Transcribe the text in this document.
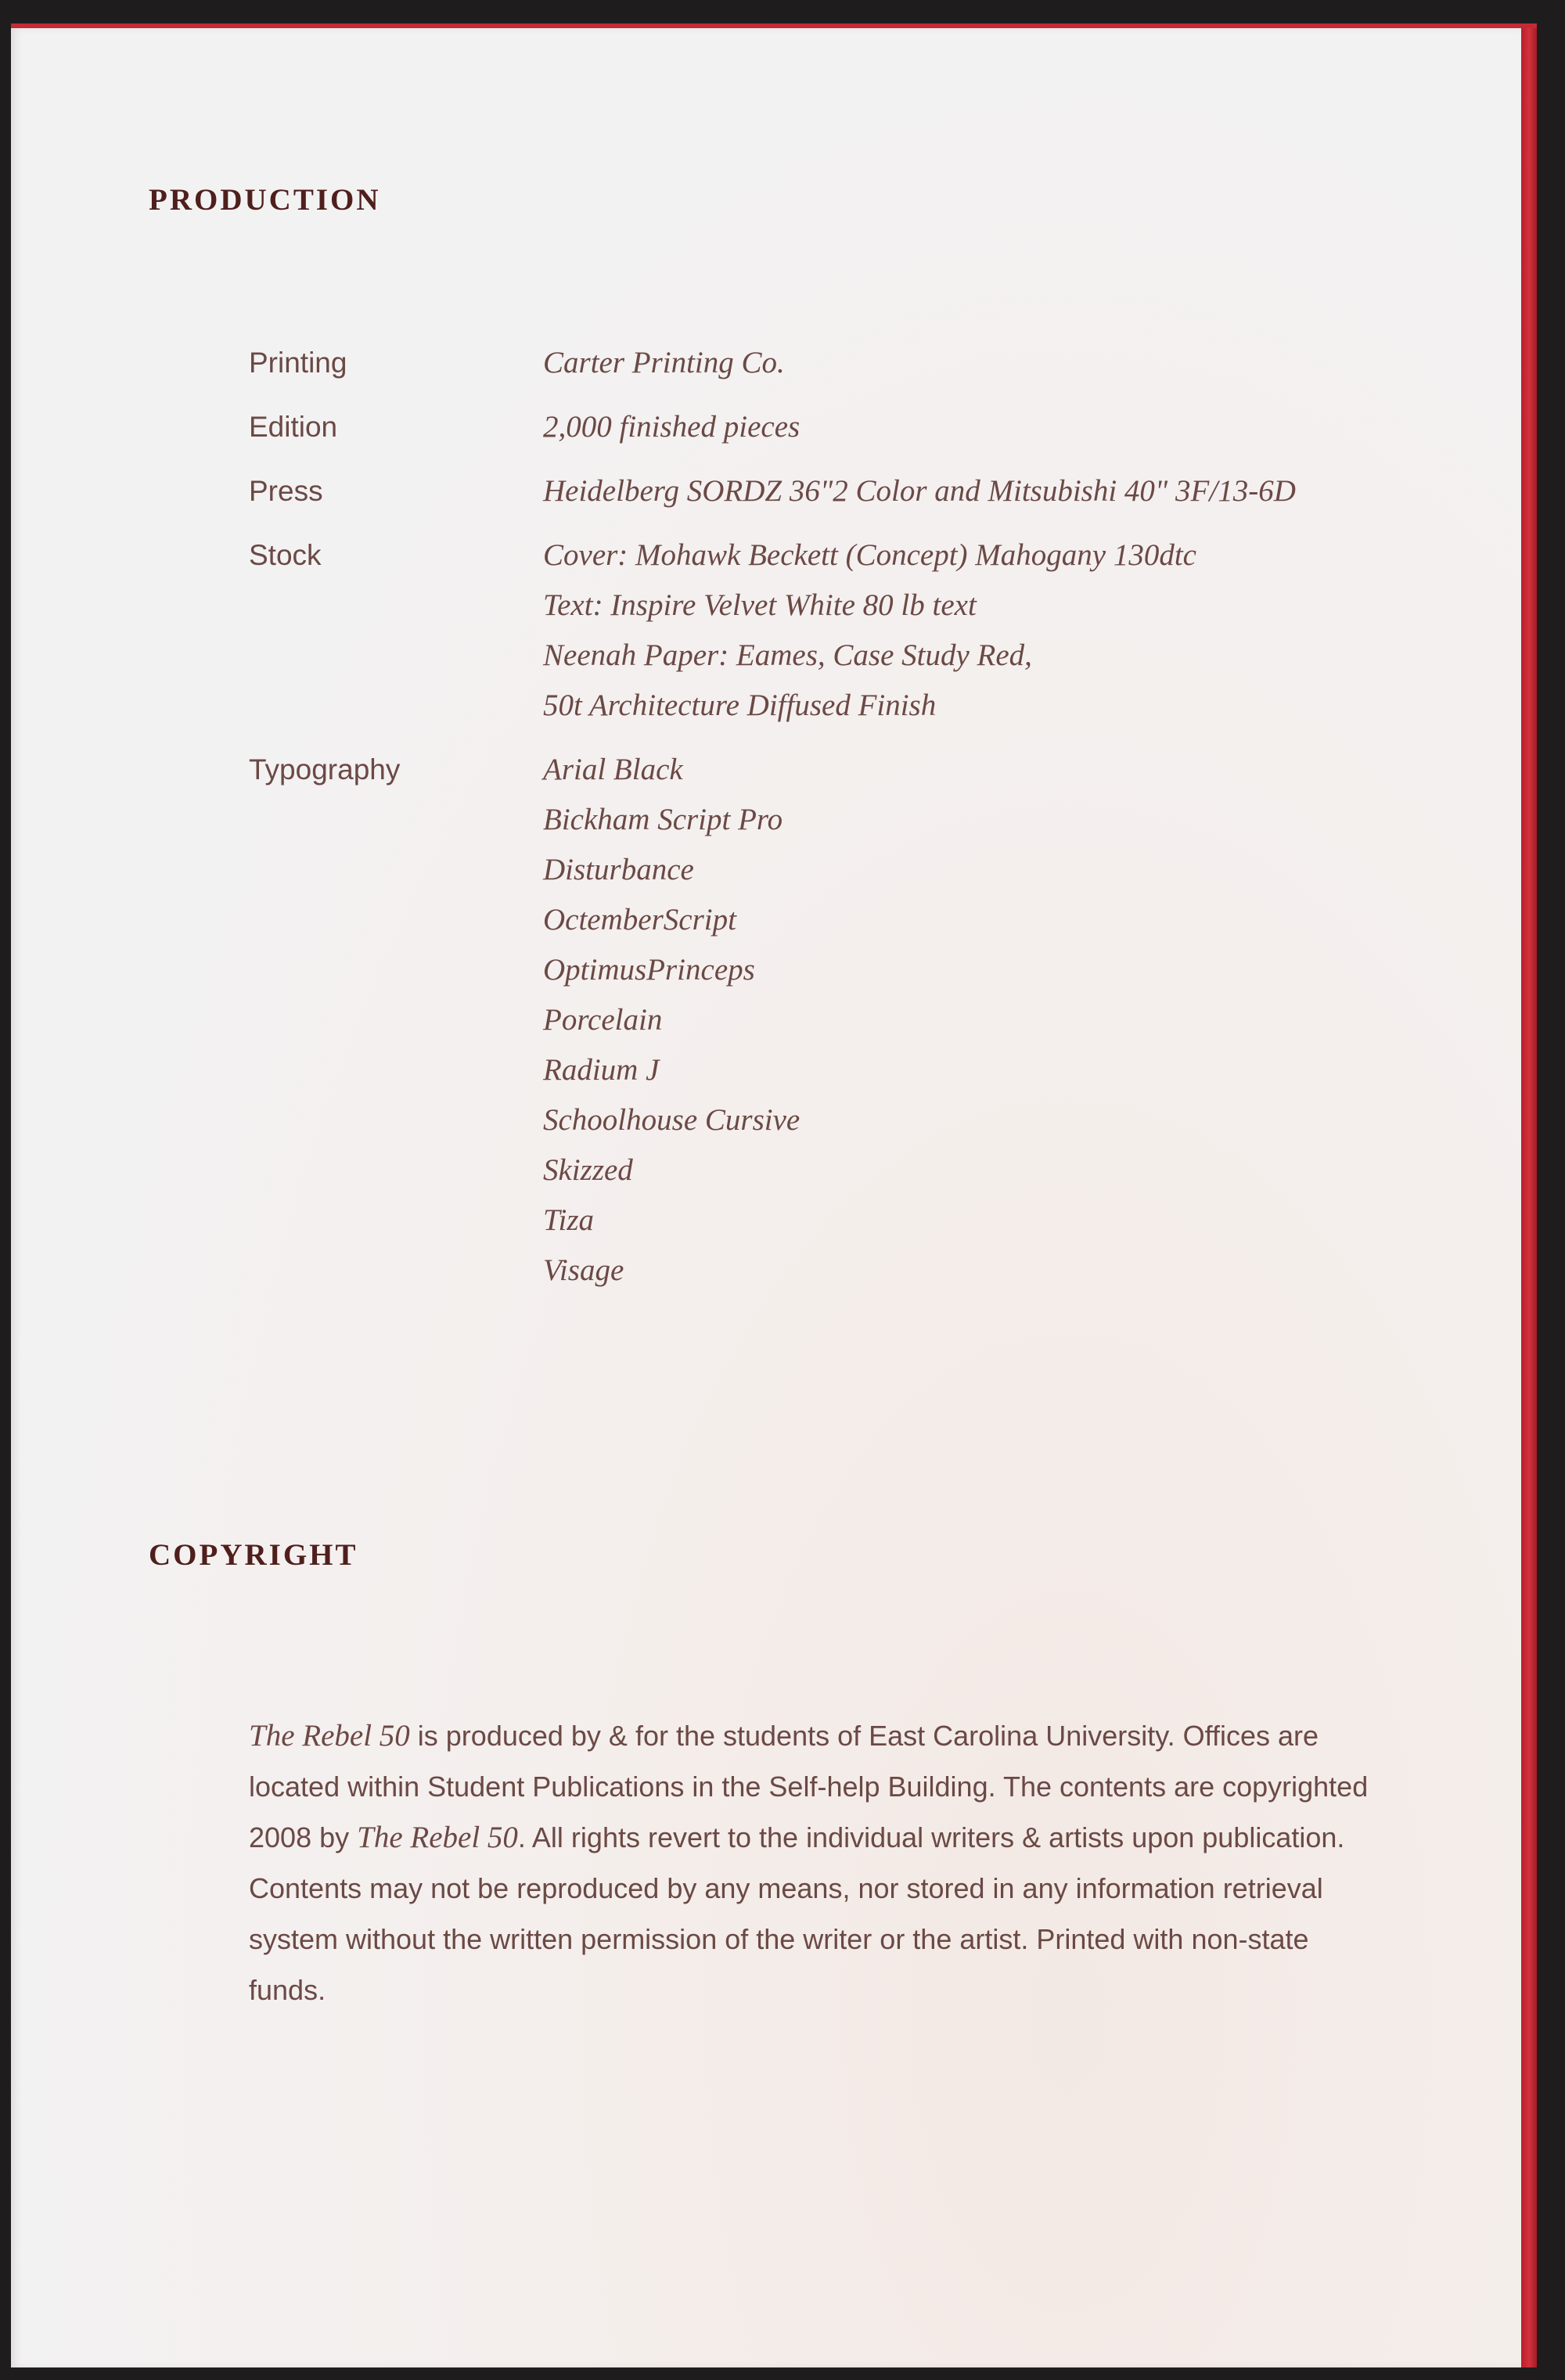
production
Printing	Carter Printing Co.
Edition	2,000 finished pieces
Press	Heidelberg SORDZ 36"2 Color and Mitsubishi 40" 3F/13-6D
Stock	Cover: Mohawk Beckett (Concept) Mahogany 130dtc
Text: Inspire Velvet White 80 lb text
Neenah Paper: Eames, Case Study Red,
50t Architecture Diffused Finish
Typography	Arial Black
Bickham Script Pro
Disturbance
OctemberScript
OptimusPrinceps
Porcelain
Radium J
Schoolhouse Cursive
Skizzed
Tiza
Visage
copyright

The Rebel 50 is produced by & for the students of East Carolina University. Offices are located within Student Publications in the Self-help Building. The contents are copyrighted 2008 by The Rebel 50. All rights revert to the individual writers & artists upon publication. Contents may not be reproduced by any means, nor stored in any information retrieval system without the written permission of the writer or the artist. Printed with non-state funds.
